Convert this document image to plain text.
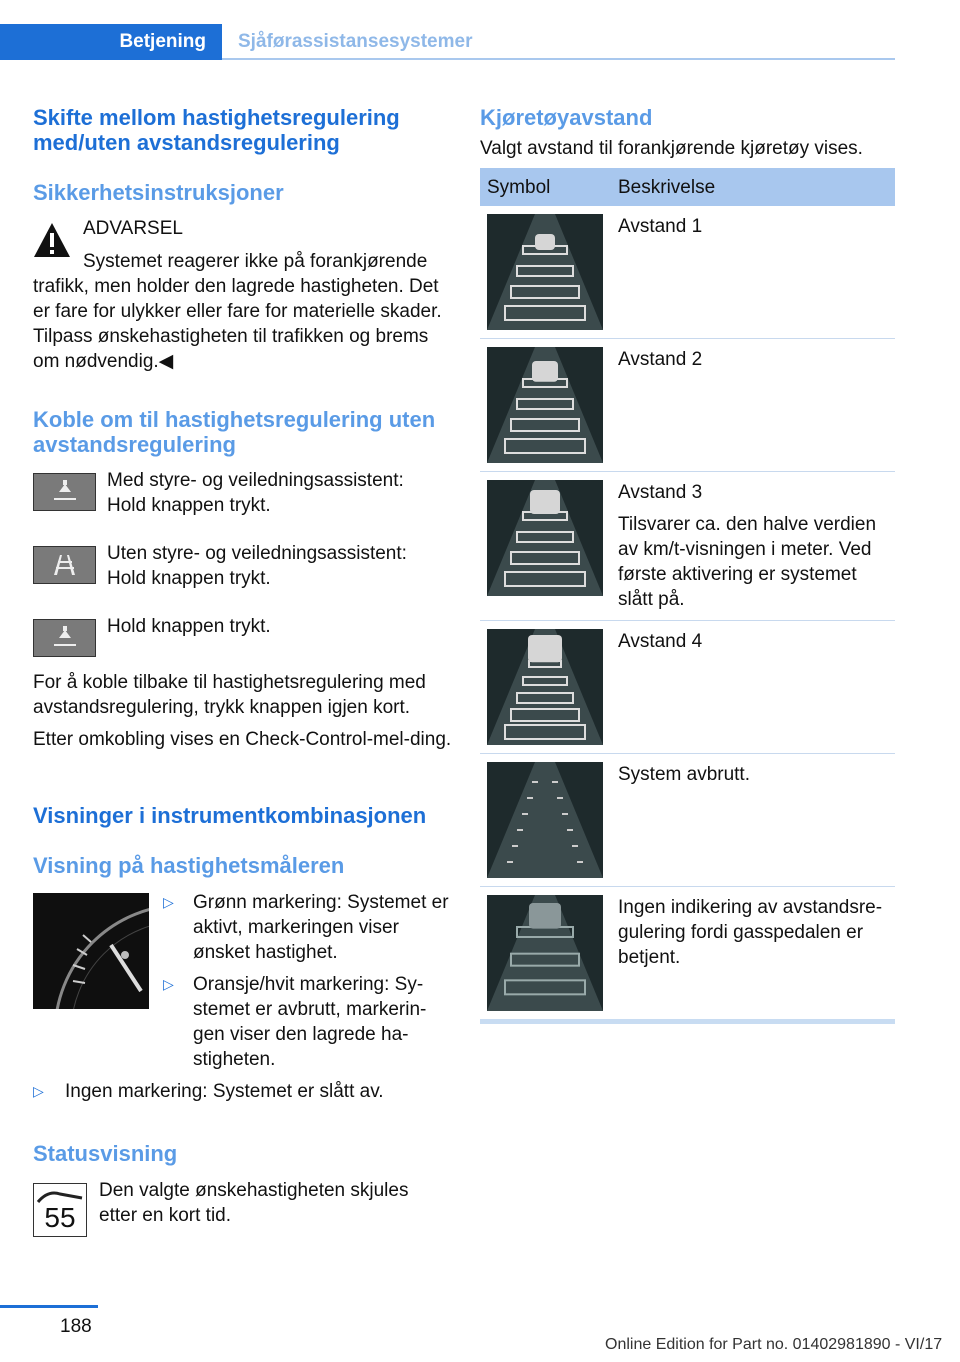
Betjening	Sjåførassistansesystemer
Skifte mellom hastighetsregulering med/uten avstandsregulering
Sikkerhetsinstruksjoner
ADVARSEL
Systemet reagerer ikke på forankjørende
trafikk, men holder den lagrede hastigheten. Det er fare for ulykker eller fare for materielle skader. Tilpass ønskehastigheten til trafikken og brems om nødvendig.◀
Koble om til hastighetsregulering uten avstandsregulering
Med styre- og veiledningsassistent: Hold knappen trykt.
Uten styre- og veiledningsassistent: Hold knappen trykt.
Hold knappen trykt.
For å koble tilbake til hastighetsregulering med avstandsregulering, trykk knappen igjen kort.
Etter omkobling vises en Check-Control-mel-ding.
Visninger i instrumentkombinasjonen
Visning på hastighetsmåleren
▷ Grønn markering: Systemet er aktivt, markeringen viser ønsket hastighet.
▷ Oransje/hvit markering: Sy-stemet er avbrutt, markerin-gen viser den lagrede ha-stigheten.
▷ Ingen markering: Systemet er slått av.
Statusvisning
55
Den valgte ønskehastigheten skjules etter en kort tid.
Kjøretøyavstand
Valgt avstand til forankjørende kjøretøy vises.
Symbol	Beskrivelse

Avstand 1

Avstand 2

Avstand 3
Tilsvarer ca. den halve verdien av km/t-visningen i meter. Ved første aktivering er systemet slått på.

Avstand 4

System avbrutt.

Ingen indikering av avstandsre-gulering fordi gasspedalen er betjent.
188
Online Edition for Part no. 01402981890 - VI/17
